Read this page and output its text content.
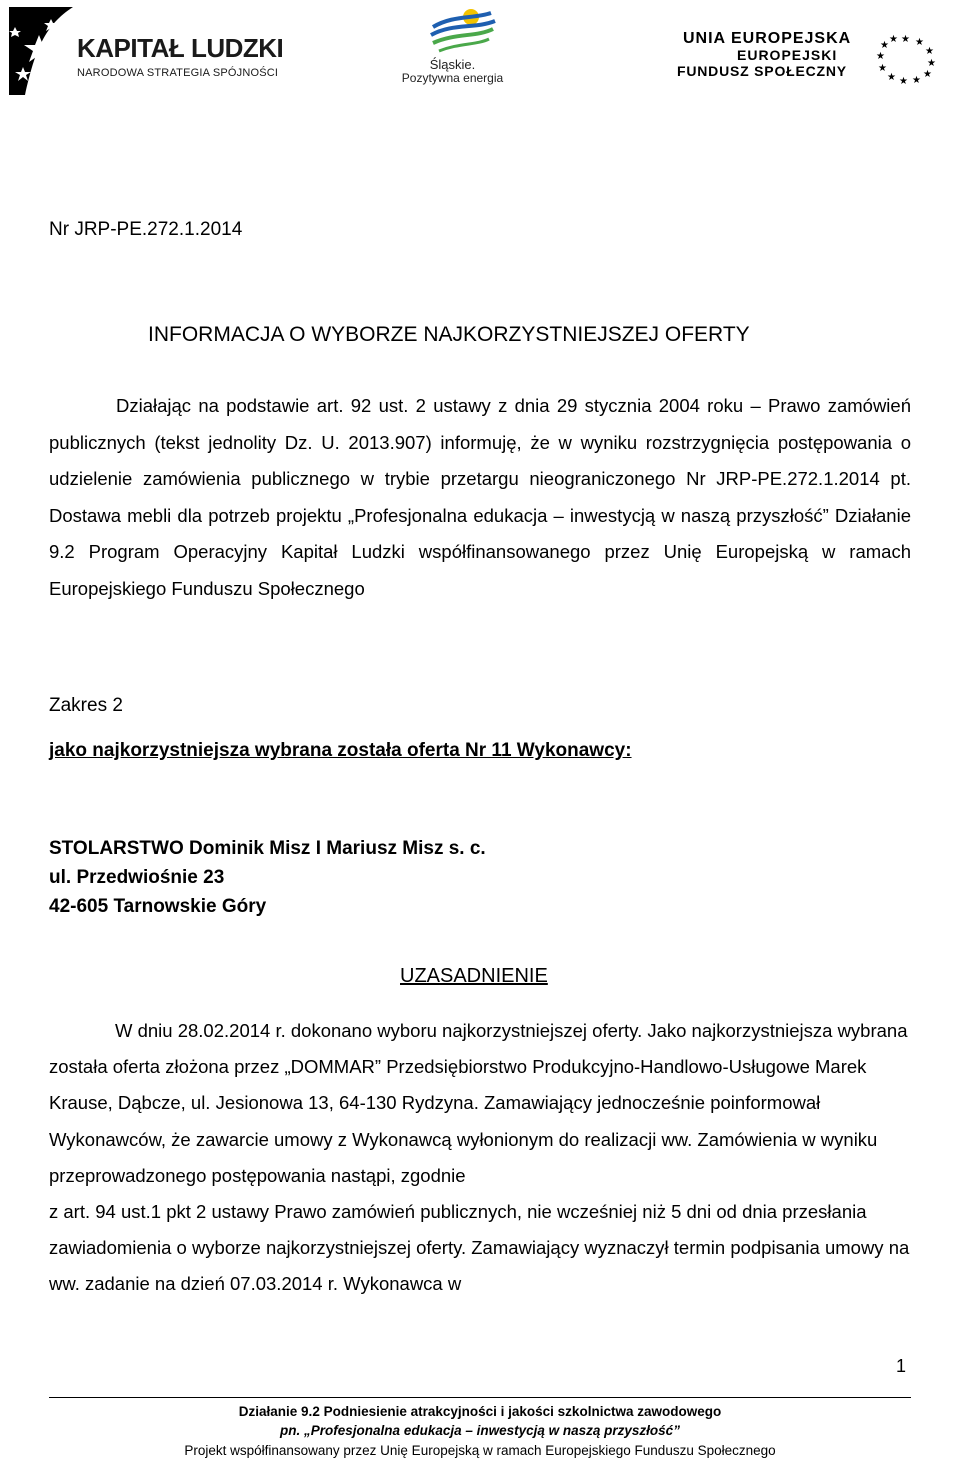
KAPITAŁ LUDZKI
NARODOWA STRATEGIA SPÓJNOŚCI
Śląskie.
Pozytywna energia
UNIA EUROPEJSKA
EUROPEJSKI
FUNDUSZ SPOŁECZNY
★ ★
★
★
★
★
★
★
★
★
★
★
Nr JRP-PE.272.1.2014
INFORMACJA O WYBORZE NAJKORZYSTNIEJSZEJ OFERTY
Działając na podstawie art. 92 ust. 2 ustawy z dnia 29 stycznia 2004 roku – Prawo zamówień publicznych (tekst jednolity Dz. U. 2013.907) informuję, że w wyniku rozstrzygnięcia postępowania o udzielenie zamówienia publicznego w trybie przetargu nieograniczonego Nr JRP-PE.272.1.2014 pt. Dostawa mebli dla potrzeb projektu „Profesjonalna edukacja – inwestycją w naszą przyszłość” Działanie 9.2 Program Operacyjny Kapitał Ludzki współfinansowanego przez Unię Europejską w ramach Europejskiego Funduszu Społecznego
Zakres 2
jako najkorzystniejsza wybrana została oferta Nr 11 Wykonawcy:
STOLARSTWO Dominik Misz I Mariusz Misz s. c.
ul. Przedwiośnie 23
42-605 Tarnowskie Góry
UZASADNIENIE
W dniu 28.02.2014 r. dokonano wyboru najkorzystniejszej oferty. Jako najkorzystniejsza wybrana została oferta złożona przez „DOMMAR” Przedsiębiorstwo Produkcyjno-Handlowo-Usługowe Marek Krause, Dąbcze, ul. Jesionowa 13, 64-130 Rydzyna. Zamawiający jednocześnie poinformował Wykonawców, że zawarcie umowy z Wykonawcą wyłonionym do realizacji ww. Zamówienia w wyniku przeprowadzonego postępowania nastąpi, zgodnie
z art. 94 ust.1 pkt 2 ustawy Prawo zamówień publicznych, nie wcześniej niż 5 dni od dnia przesłania zawiadomienia o wyborze najkorzystniejszej oferty. Zamawiający wyznaczył termin podpisania umowy na ww. zadanie na dzień 07.03.2014 r. Wykonawca w
1
Działanie 9.2 Podniesienie atrakcyjności i jakości szkolnictwa zawodowego
pn. „Profesjonalna edukacja – inwestycją w naszą przyszłość”
Projekt współfinansowany przez Unię Europejską w ramach Europejskiego Funduszu Społecznego
